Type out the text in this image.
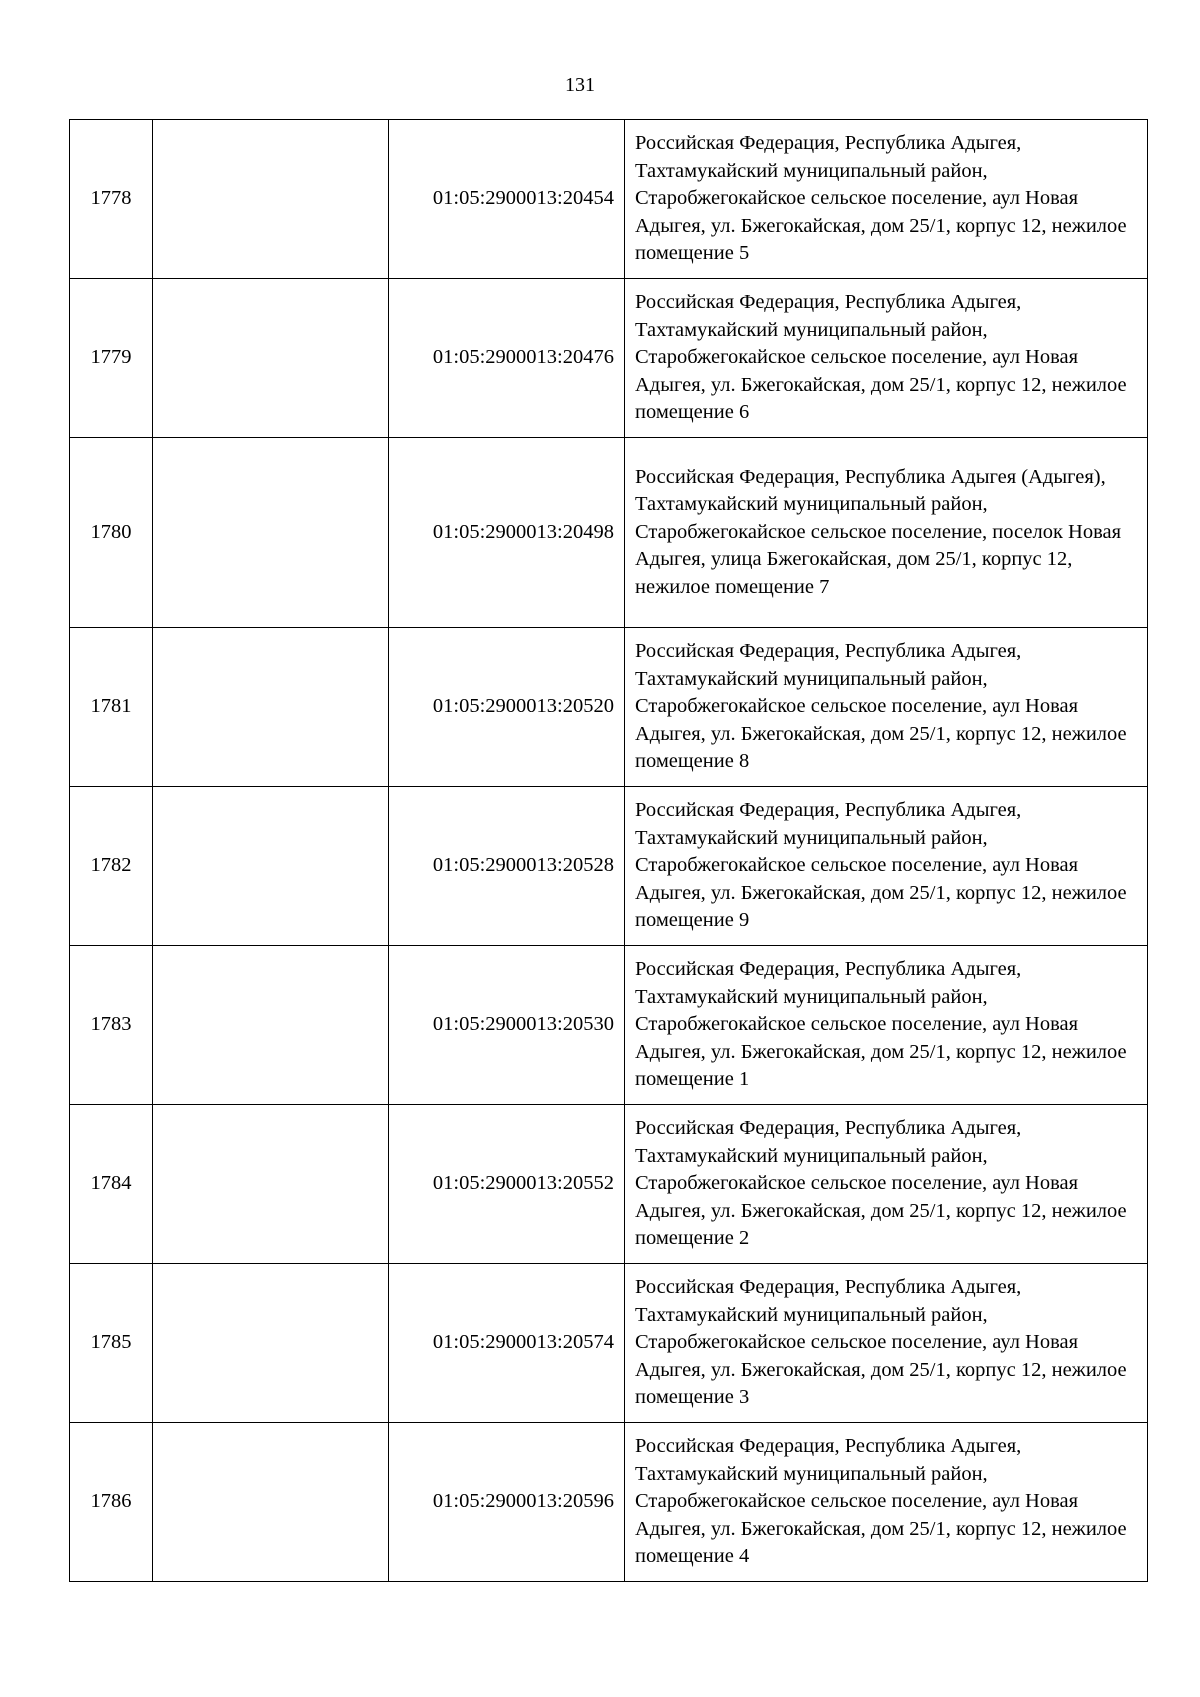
131
1778		01:05:2900013:20454	Российская Федерация, Республика Адыгея, Тахтамукайский муниципальный район, Старобжегокайское сельское поселение, аул Новая Адыгея, ул. Бжегокайская, дом 25/1, корпус 12, нежилое помещение 5
1779		01:05:2900013:20476	Российская Федерация, Республика Адыгея, Тахтамукайский муниципальный район, Старобжегокайское сельское поселение, аул Новая Адыгея, ул. Бжегокайская, дом 25/1, корпус 12, нежилое помещение 6
1780		01:05:2900013:20498	Российская Федерация, Республика Адыгея (Адыгея), Тахтамукайский муниципальный район, Старобжегокайское сельское поселение, поселок Новая Адыгея, улица Бжегокайская, дом 25/1, корпус 12, нежилое помещение 7
1781		01:05:2900013:20520	Российская Федерация, Республика Адыгея, Тахтамукайский муниципальный район, Старобжегокайское сельское поселение, аул Новая Адыгея, ул. Бжегокайская, дом 25/1, корпус 12, нежилое помещение 8
1782		01:05:2900013:20528	Российская Федерация, Республика Адыгея, Тахтамукайский муниципальный район, Старобжегокайское сельское поселение, аул Новая Адыгея, ул. Бжегокайская, дом 25/1, корпус 12, нежилое помещение 9
1783		01:05:2900013:20530	Российская Федерация, Республика Адыгея, Тахтамукайский муниципальный район, Старобжегокайское сельское поселение, аул Новая Адыгея, ул. Бжегокайская, дом 25/1, корпус 12, нежилое помещение 1
1784		01:05:2900013:20552	Российская Федерация, Республика Адыгея, Тахтамукайский муниципальный район, Старобжегокайское сельское поселение, аул Новая Адыгея, ул. Бжегокайская, дом 25/1, корпус 12, нежилое помещение 2
1785		01:05:2900013:20574	Российская Федерация, Республика Адыгея, Тахтамукайский муниципальный район, Старобжегокайское сельское поселение, аул Новая Адыгея, ул. Бжегокайская, дом 25/1, корпус 12, нежилое помещение 3
1786		01:05:2900013:20596	Российская Федерация, Республика Адыгея, Тахтамукайский муниципальный район, Старобжегокайское сельское поселение, аул Новая Адыгея, ул. Бжегокайская, дом 25/1, корпус 12, нежилое помещение 4
